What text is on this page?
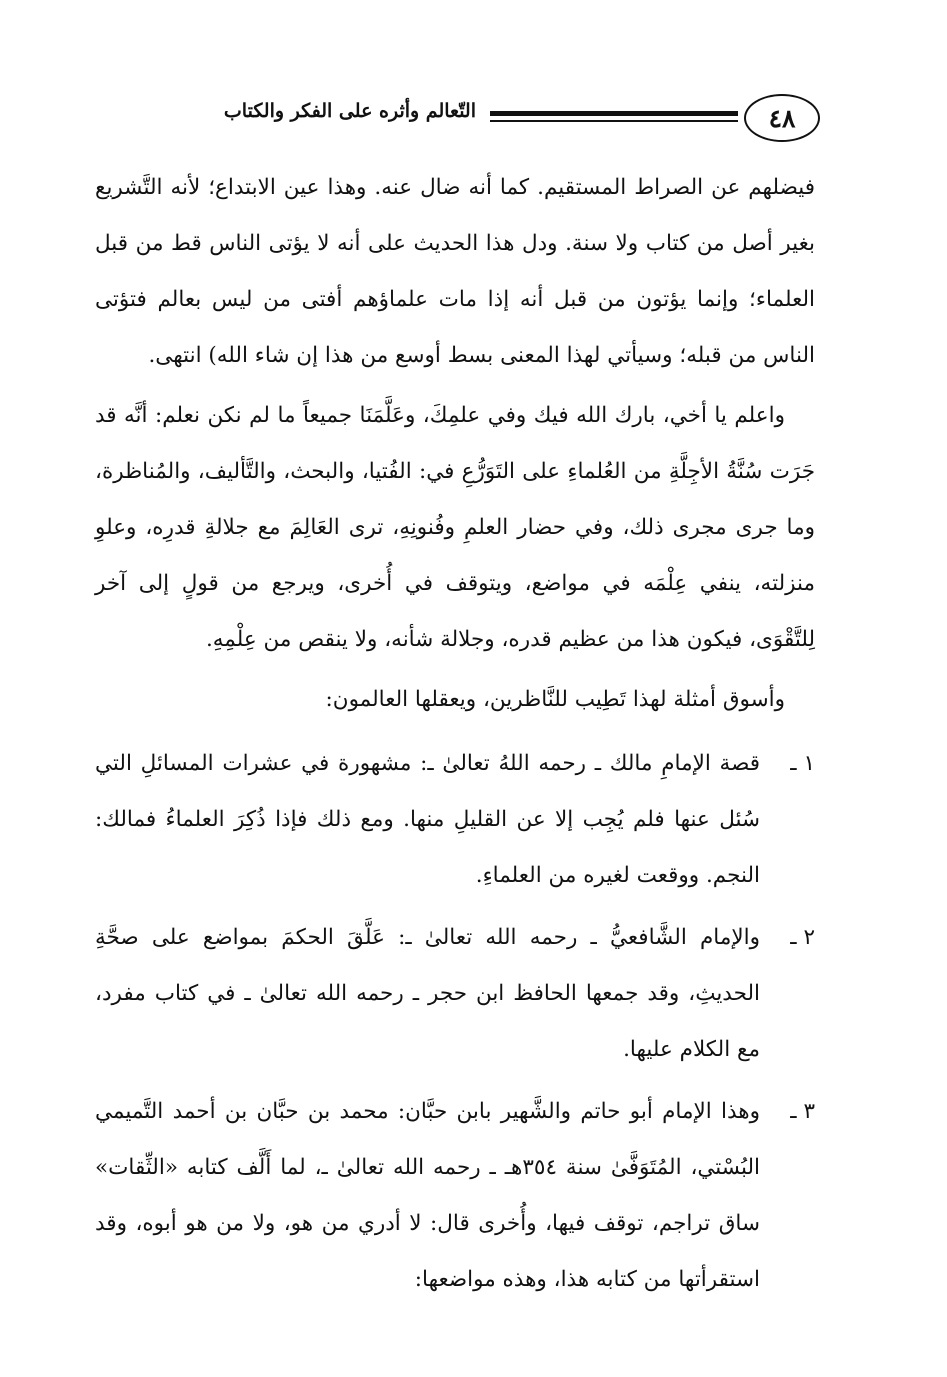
٤٨
التّعالم وأثره على الفكر والكتاب

فيضلهم عن الصراط المستقيم. كما أنه ضال عنه. وهذا عين الابتداع؛ لأنه التَّشريع بغير أصل من كتاب ولا سنة. ودل هذا الحديث على أنه لا يؤتى الناس قط من قبل العلماء؛ وإنما يؤتون من قبل أنه إذا مات علماؤهم أفتى من ليس بعالم فتؤتى الناس من قبله؛ وسيأتي لهذا المعنى بسط أوسع من هذا إن شاء الله) انتهى.

واعلم يا أخي، بارك الله فيك وفي علمِكَ، وعَلَّمَنَا جميعاً ما لم نكن نعلم: أنَّه قد جَرَت سُنَّةُ الأجِلَّةِ من العُلماءِ على التَوَرُّعِ في: الفُتيا، والبحث، والتَّأليف، والمُناظرة، وما جرى مجرى ذلك، وفي حضار العلمِ وفُنونِهِ، ترى العَالِمَ مع جلالةِ قدرِه، وعلوِ منزلته، ينفي عِلْمَه في مواضع، ويتوقف في أُخرى، ويرجع من قولٍ إلى آخر لِلتَّقْوَى، فيكون هذا من عظيم قدره، وجلالة شأنه، ولا ينقص من عِلْمِهِ.

وأسوق أمثلة لهذا تَطِيب للنَّاظرين، ويعقلها العالمون:

١ ـ
قصة الإمامِ مالك ـ رحمه اللهُ تعالىٰ ـ: مشهورة في عشرات المسائلِ التي سُئل عنها فلم يُجِب إلا عن القليلِ منها. ومع ذلك فإذا ذُكِرَ العلماءُ فمالك: النجم. ووقعت لغيره من العلماءِ.
٢ ـ
والإمام الشَّافعيُّ ـ رحمه الله تعالىٰ ـ: عَلَّقَ الحكمَ بمواضع على صحَّةِ الحديثِ، وقد جمعها الحافظ ابن حجر ـ رحمه الله تعالىٰ ـ في كتاب مفرد، مع الكلام عليها.
٣ ـ
وهذا الإمام أبو حاتم والشَّهير بابن حبَّان: محمد بن حبَّان بن أحمد التَّميمي البُسْتي، المُتَوَفَّىٰ سنة ٣٥٤هـ ـ رحمه الله تعالىٰ ـ، لما أَلَّف كتابه «الثِّقات» ساق تراجم، توقف فيها، وأُخرى قال: لا أدري من هو، ولا من هو أبوه، وقد استقرأتها من كتابه هذا، وهذه مواضعها:
